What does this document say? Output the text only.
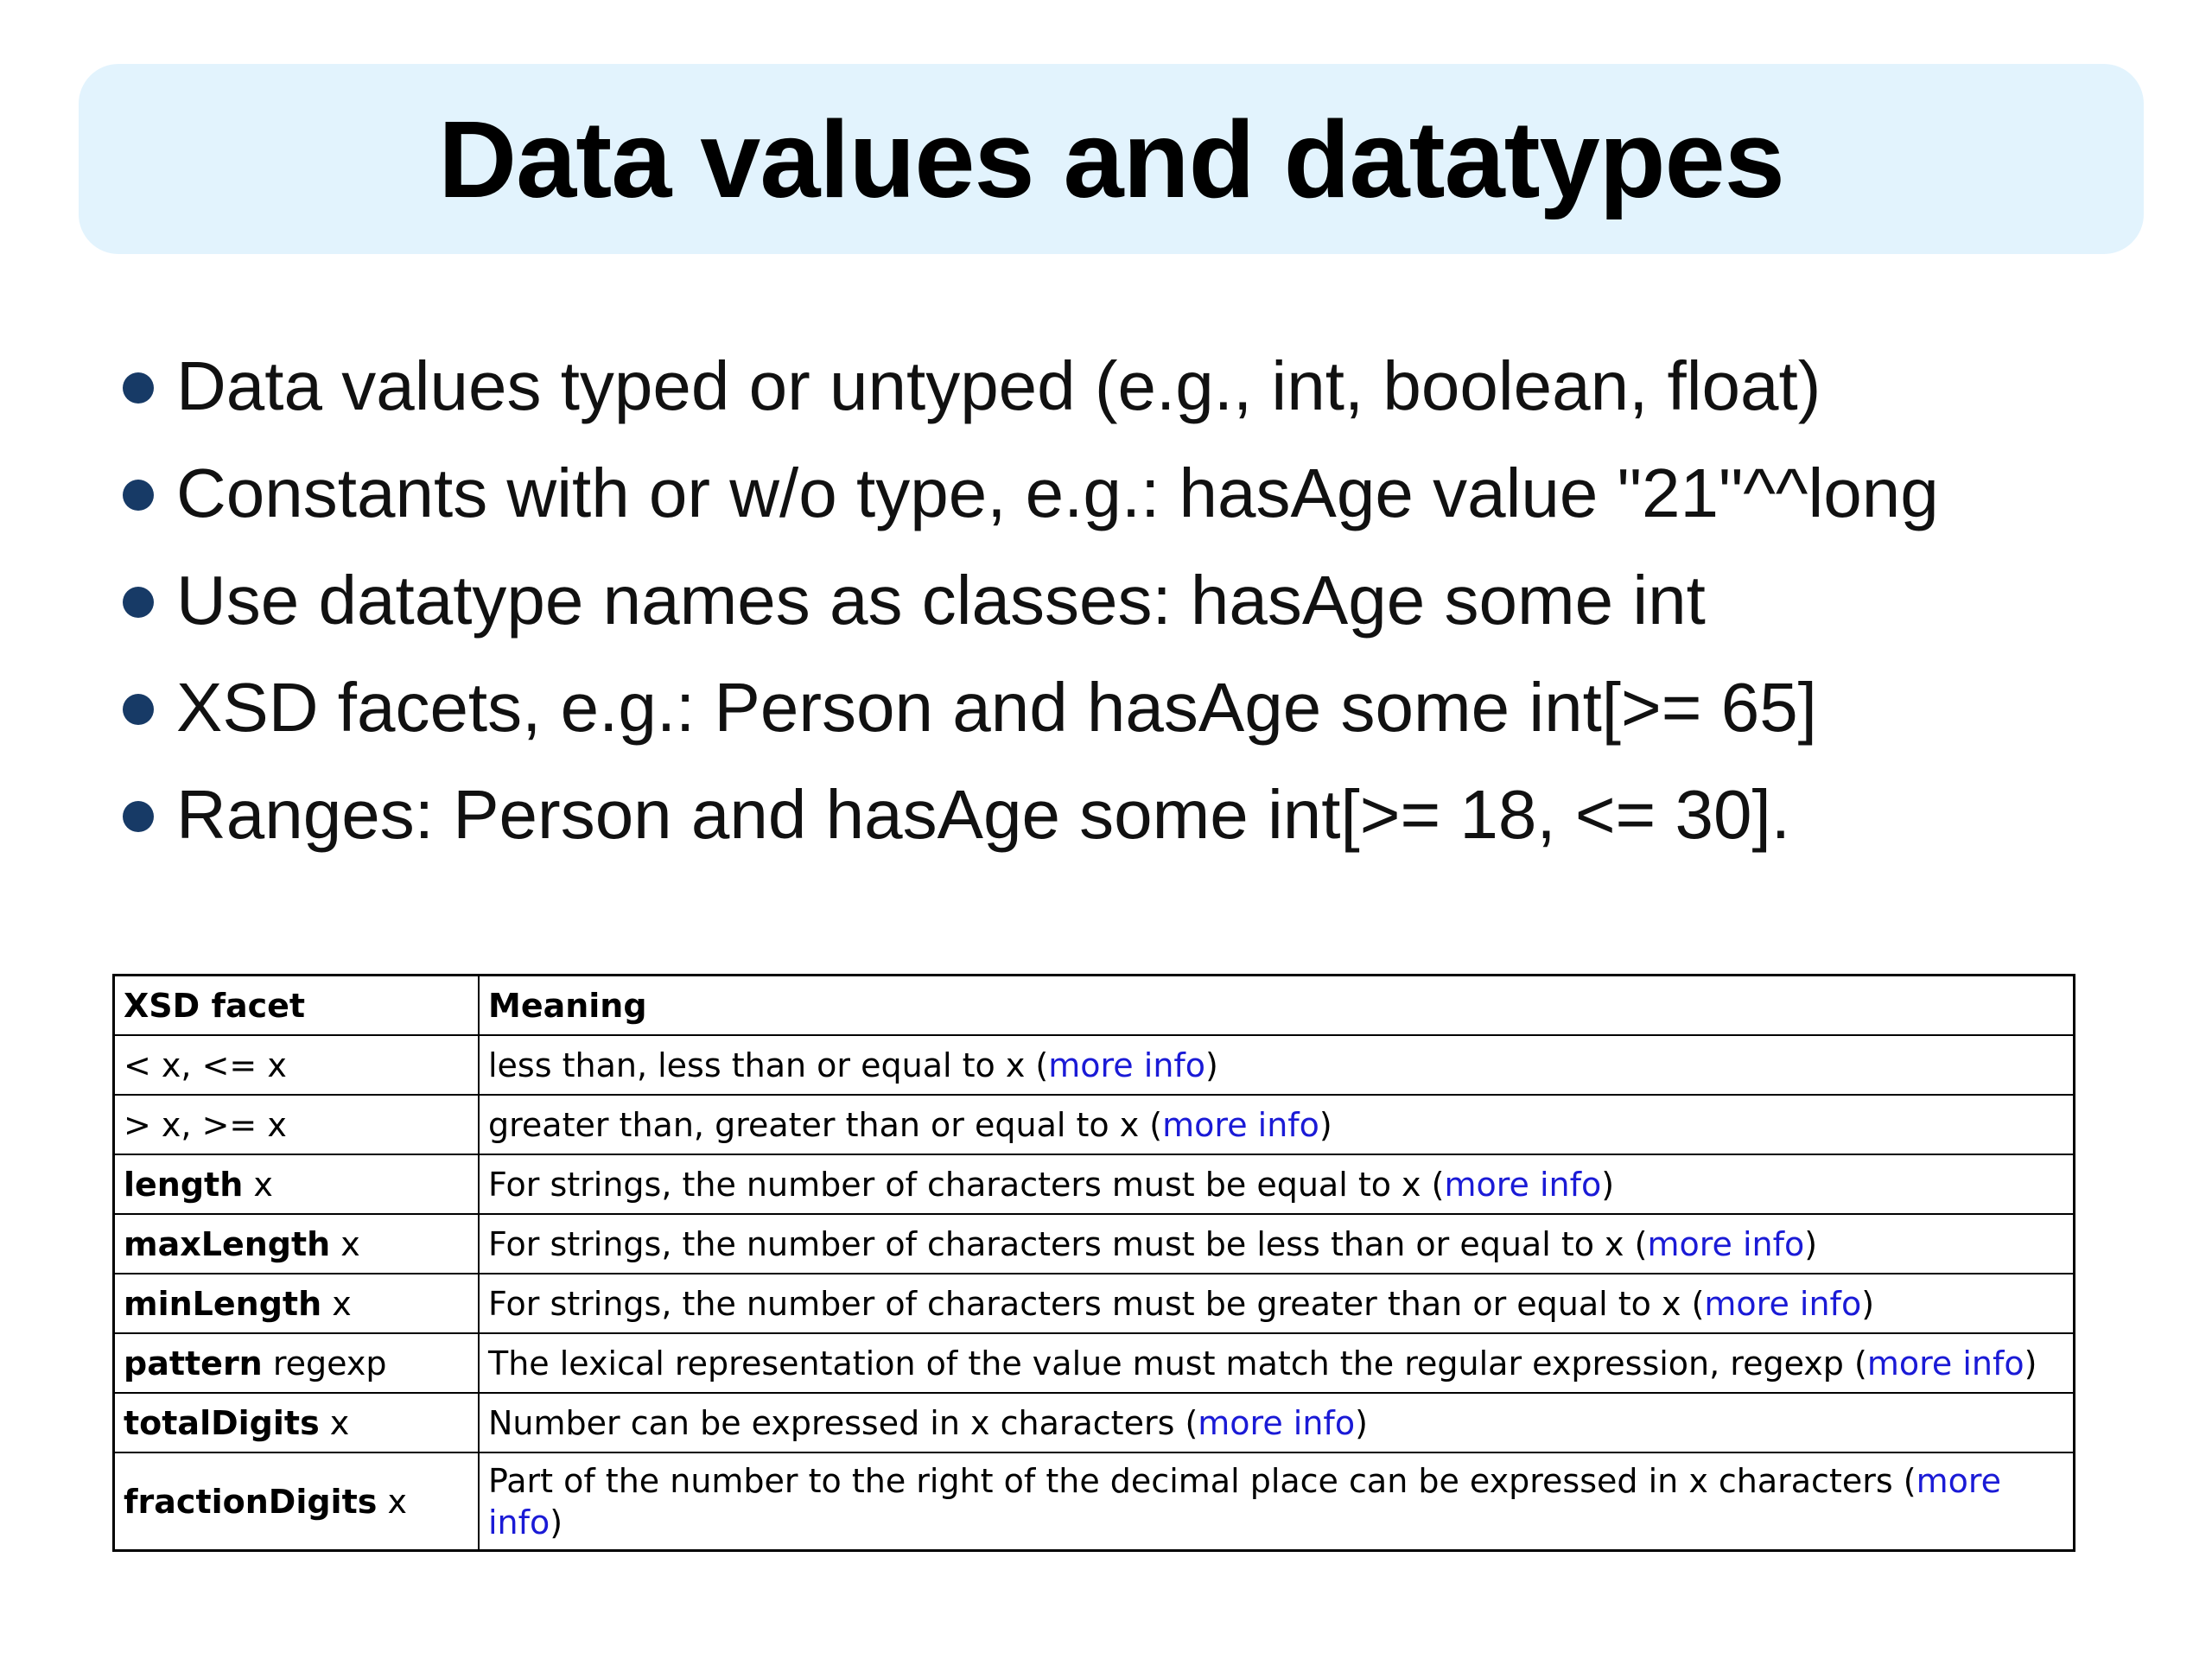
Data values and datatypes
Data values typed or untyped (e.g., int, boolean, float)
Constants with or w/o type, e.g.: hasAge value "21"^^long
Use datatype names as classes: hasAge some int
XSD facets, e.g.: Person and hasAge some int[>= 65]
Ranges: Person and hasAge some int[>= 18, <= 30].
XSD facet	Meaning
< x, <= x	less than, less than or equal to x (more info)
> x, >= x	greater than, greater than or equal to x (more info)
length x	For strings, the number of characters must be equal to x (more info)
maxLength x	For strings, the number of characters must be less than or equal to x (more info)
minLength x	For strings, the number of characters must be greater than or equal to x (more info)
pattern regexp	The lexical representation of the value must match the regular expression, regexp (more info)
totalDigits x	Number can be expressed in x characters (more info)
fractionDigits x	Part of the number to the right of the decimal place can be expressed in x characters (more info)
